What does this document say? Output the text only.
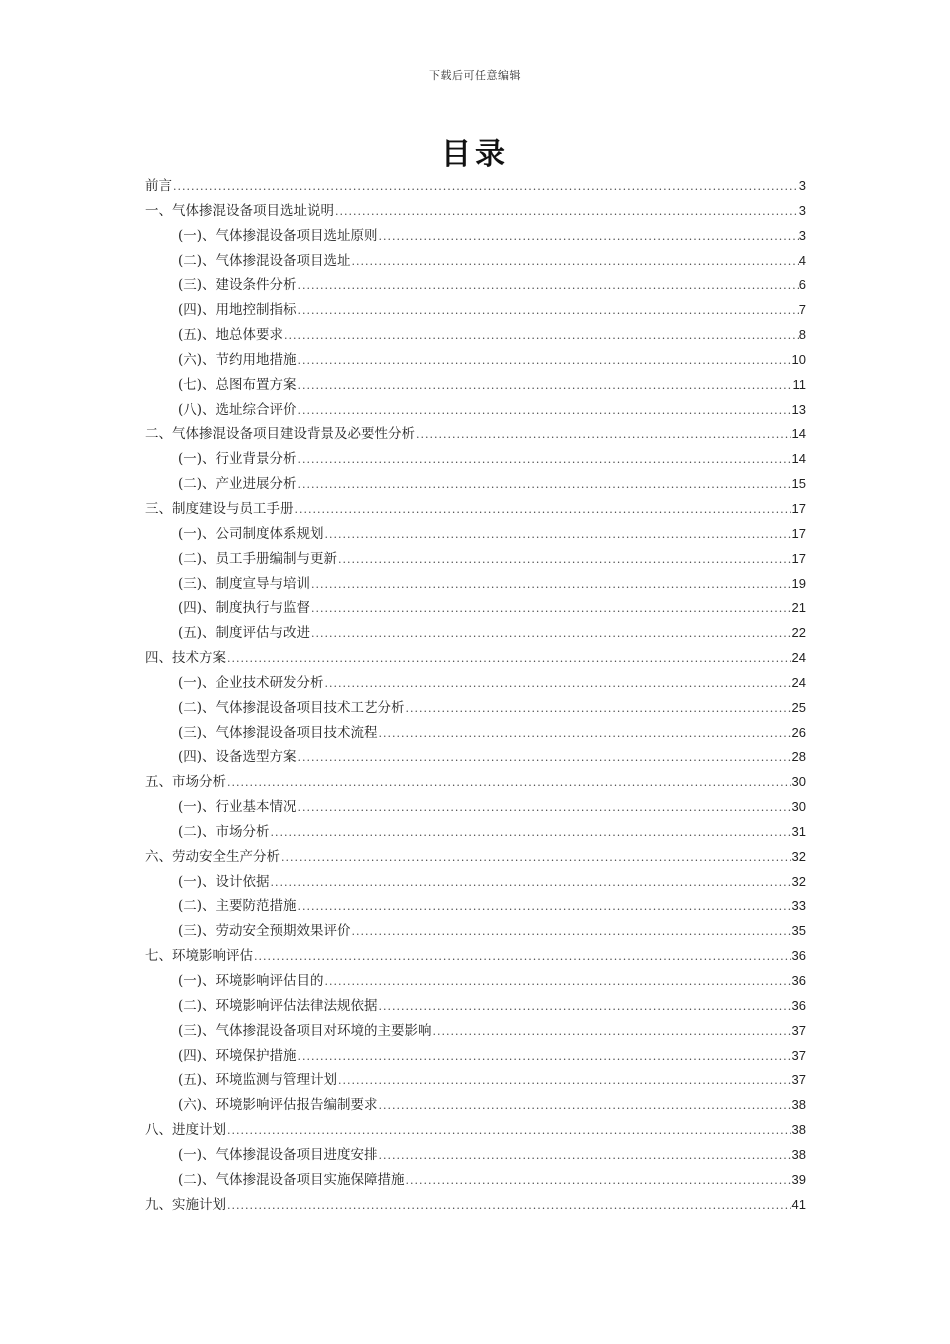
下载后可任意编辑
目录
前言 .....	3
一、气体掺混设备项目选址说明 .....	3
(一)、气体掺混设备项目选址原则 .....	3
(二)、气体掺混设备项目选址 .....	4
(三)、建设条件分析 .....	6
(四)、用地控制指标 .....	7
(五)、地总体要求 .....	8
(六)、节约用地措施 .....	10
(七)、总图布置方案 .....	11
(八)、选址综合评价 .....	13
二、气体掺混设备项目建设背景及必要性分析 .....	14
(一)、行业背景分析 .....	14
(二)、产业进展分析 .....	15
三、制度建设与员工手册 .....	17
(一)、公司制度体系规划 .....	17
(二)、员工手册编制与更新 .....	17
(三)、制度宣导与培训 .....	19
(四)、制度执行与监督 .....	21
(五)、制度评估与改进 .....	22
四、技术方案 .....	24
(一)、企业技术研发分析 .....	24
(二)、气体掺混设备项目技术工艺分析 .....	25
(三)、气体掺混设备项目技术流程 .....	26
(四)、设备选型方案 .....	28
五、市场分析 .....	30
(一)、行业基本情况 .....	30
(二)、市场分析 .....	31
六、劳动安全生产分析 .....	32
(一)、设计依据 .....	32
(二)、主要防范措施 .....	33
(三)、劳动安全预期效果评价 .....	35
七、环境影响评估 .....	36
(一)、环境影响评估目的 .....	36
(二)、环境影响评估法律法规依据 .....	36
(三)、气体掺混设备项目对环境的主要影响 .....	37
(四)、环境保护措施 .....	37
(五)、环境监测与管理计划 .....	37
(六)、环境影响评估报告编制要求 .....	38
八、进度计划 .....	38
(一)、气体掺混设备项目进度安排 .....	38
(二)、气体掺混设备项目实施保障措施 .....	39
九、实施计划 .....	41
